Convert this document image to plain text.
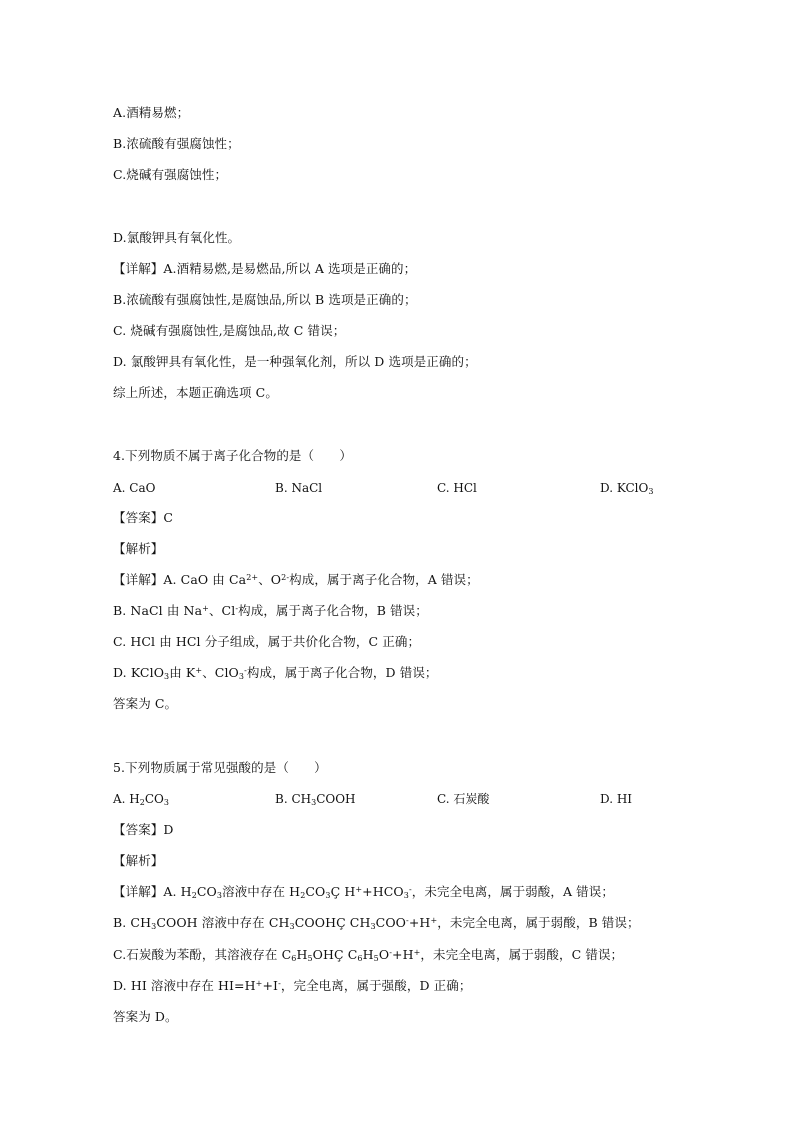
A.酒精易燃；
B.浓硫酸有强腐蚀性；
C.烧碱有强腐蚀性；
D.氯酸钾具有氧化性。
【详解】A.酒精易燃,是易燃品,所以 A 选项是正确的；
B.浓硫酸有强腐蚀性,是腐蚀品,所以 B 选项是正确的；
C. 烧碱有强腐蚀性,是腐蚀品,故 C 错误；
D. 氯酸钾具有氧化性，是一种强氧化剂，所以 D 选项是正确的；
综上所述，本题正确选项 C。
4.下列物质不属于离子化合物的是（　　）
A. CaO	B. NaCl	C. HCl	D. KClO$_3$
【答案】C
【解析】
【详解】A. CaO 由 $Ca^{2+}$、$O^{2-}$构成，属于离子化合物，A 错误；
B. NaCl 由 Na+、Cl-构成，属于离子化合物，B 错误；
C. HCl 由 HCl 分子组成，属于共价化合物，C 正确；
D. KClO$_3$由 K+、ClO$_3$-构成，属于离子化合物，D 错误；
答案为 C。
5.下列物质属于常见强酸的是（　　）
A. $H_2CO_3$	B. $CH_3COOH$	C. 石炭酸	D. HI
【答案】D
【解析】
【详解】A. $H_2CO_3$溶液中存在 $H_2CO_3Ç$ $H^++HCO_3^-$，未完全电离，属于弱酸，A 错误；
B. $CH_3COOH$ 溶液中存在 $CH_3COOHÇ$ $CH_3COO^-+H^+$，未完全电离，属于弱酸，B 错误；
C.石炭酸为苯酚，其溶液存在 $C_6H_5OHÇ$ $C_6H_5O^-+H^+$，未完全电离，属于弱酸，C 错误；
D. HI 溶液中存在 HI=H++I-，完全电离，属于强酸，D 正确；
答案为 D。
